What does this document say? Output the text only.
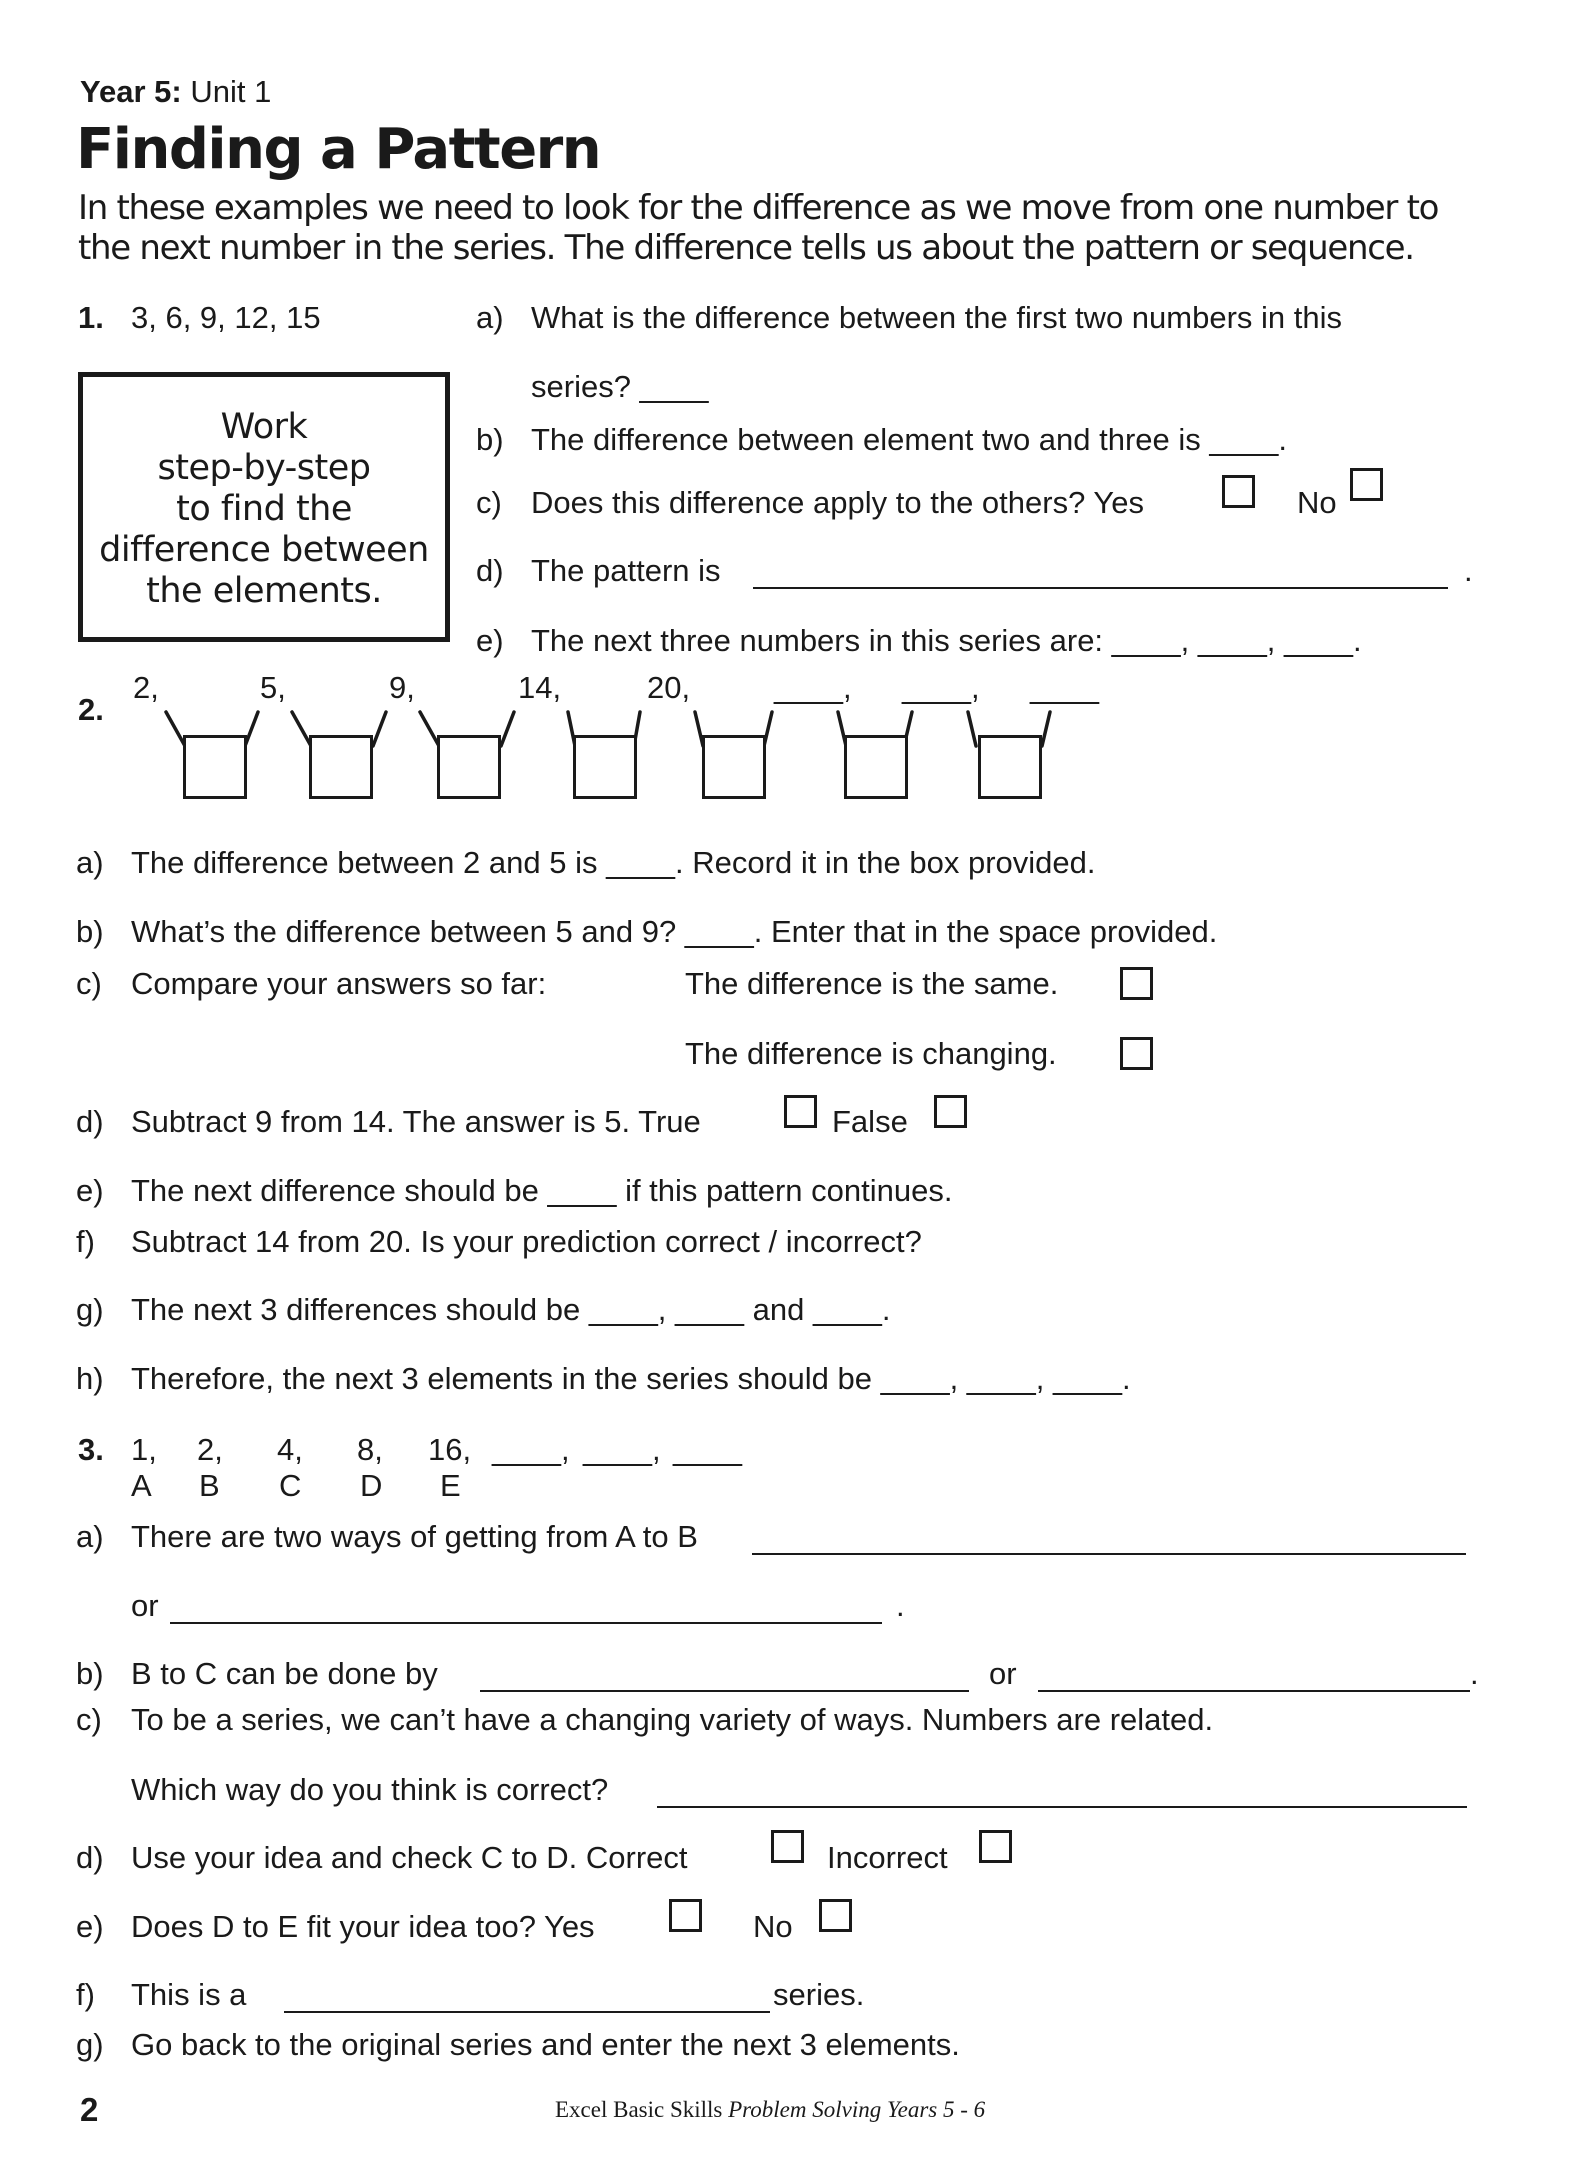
Year 5: Unit 1
Finding a Pattern
In these examples we need to look for the difference as we move from one number to
the next number in the series. The difference tells us about the pattern or sequence.
1. 3, 6, 9, 12, 15
Work
step-by-step
to find the
difference between
the elements.
a) What is the difference between the first two numbers in this
series? ____
b) The difference between element two and three is ____.
c) Does this difference apply to the others? Yes	No
d) The pattern is	.
e) The next three numbers in this series are: ____, ____, ____.
2.
2,	5,	9,	14,	20,	____, ____, ____
a) The difference between 2 and 5 is ____. Record it in the box provided.
b) What’s the difference between 5 and 9? ____. Enter that in the space provided.
c) Compare your answers so far:	The difference is the same.
The difference is changing.
d) Subtract 9 from 14. The answer is 5. True	False
e) The next difference should be ____ if this pattern continues.
f) Subtract 14 from 20. Is your prediction correct / incorrect?
g) The next 3 differences should be ____, ____ and ____.
h) Therefore, the next 3 elements in the series should be ____, ____, ____.
3. 1, 2, 4, 8, 16, ____, ____, ____
A B C D E
a) There are two ways of getting from A to B
or	.
b) B to C can be done by	or	.
c) To be a series, we can’t have a changing variety of ways. Numbers are related.
Which way do you think is correct?
d) Use your idea and check C to D. Correct	Incorrect
e) Does D to E fit your idea too? Yes	No
f) This is a	series.
g) Go back to the original series and enter the next 3 elements.
2	Excel Basic Skills Problem Solving Years 5 - 6
